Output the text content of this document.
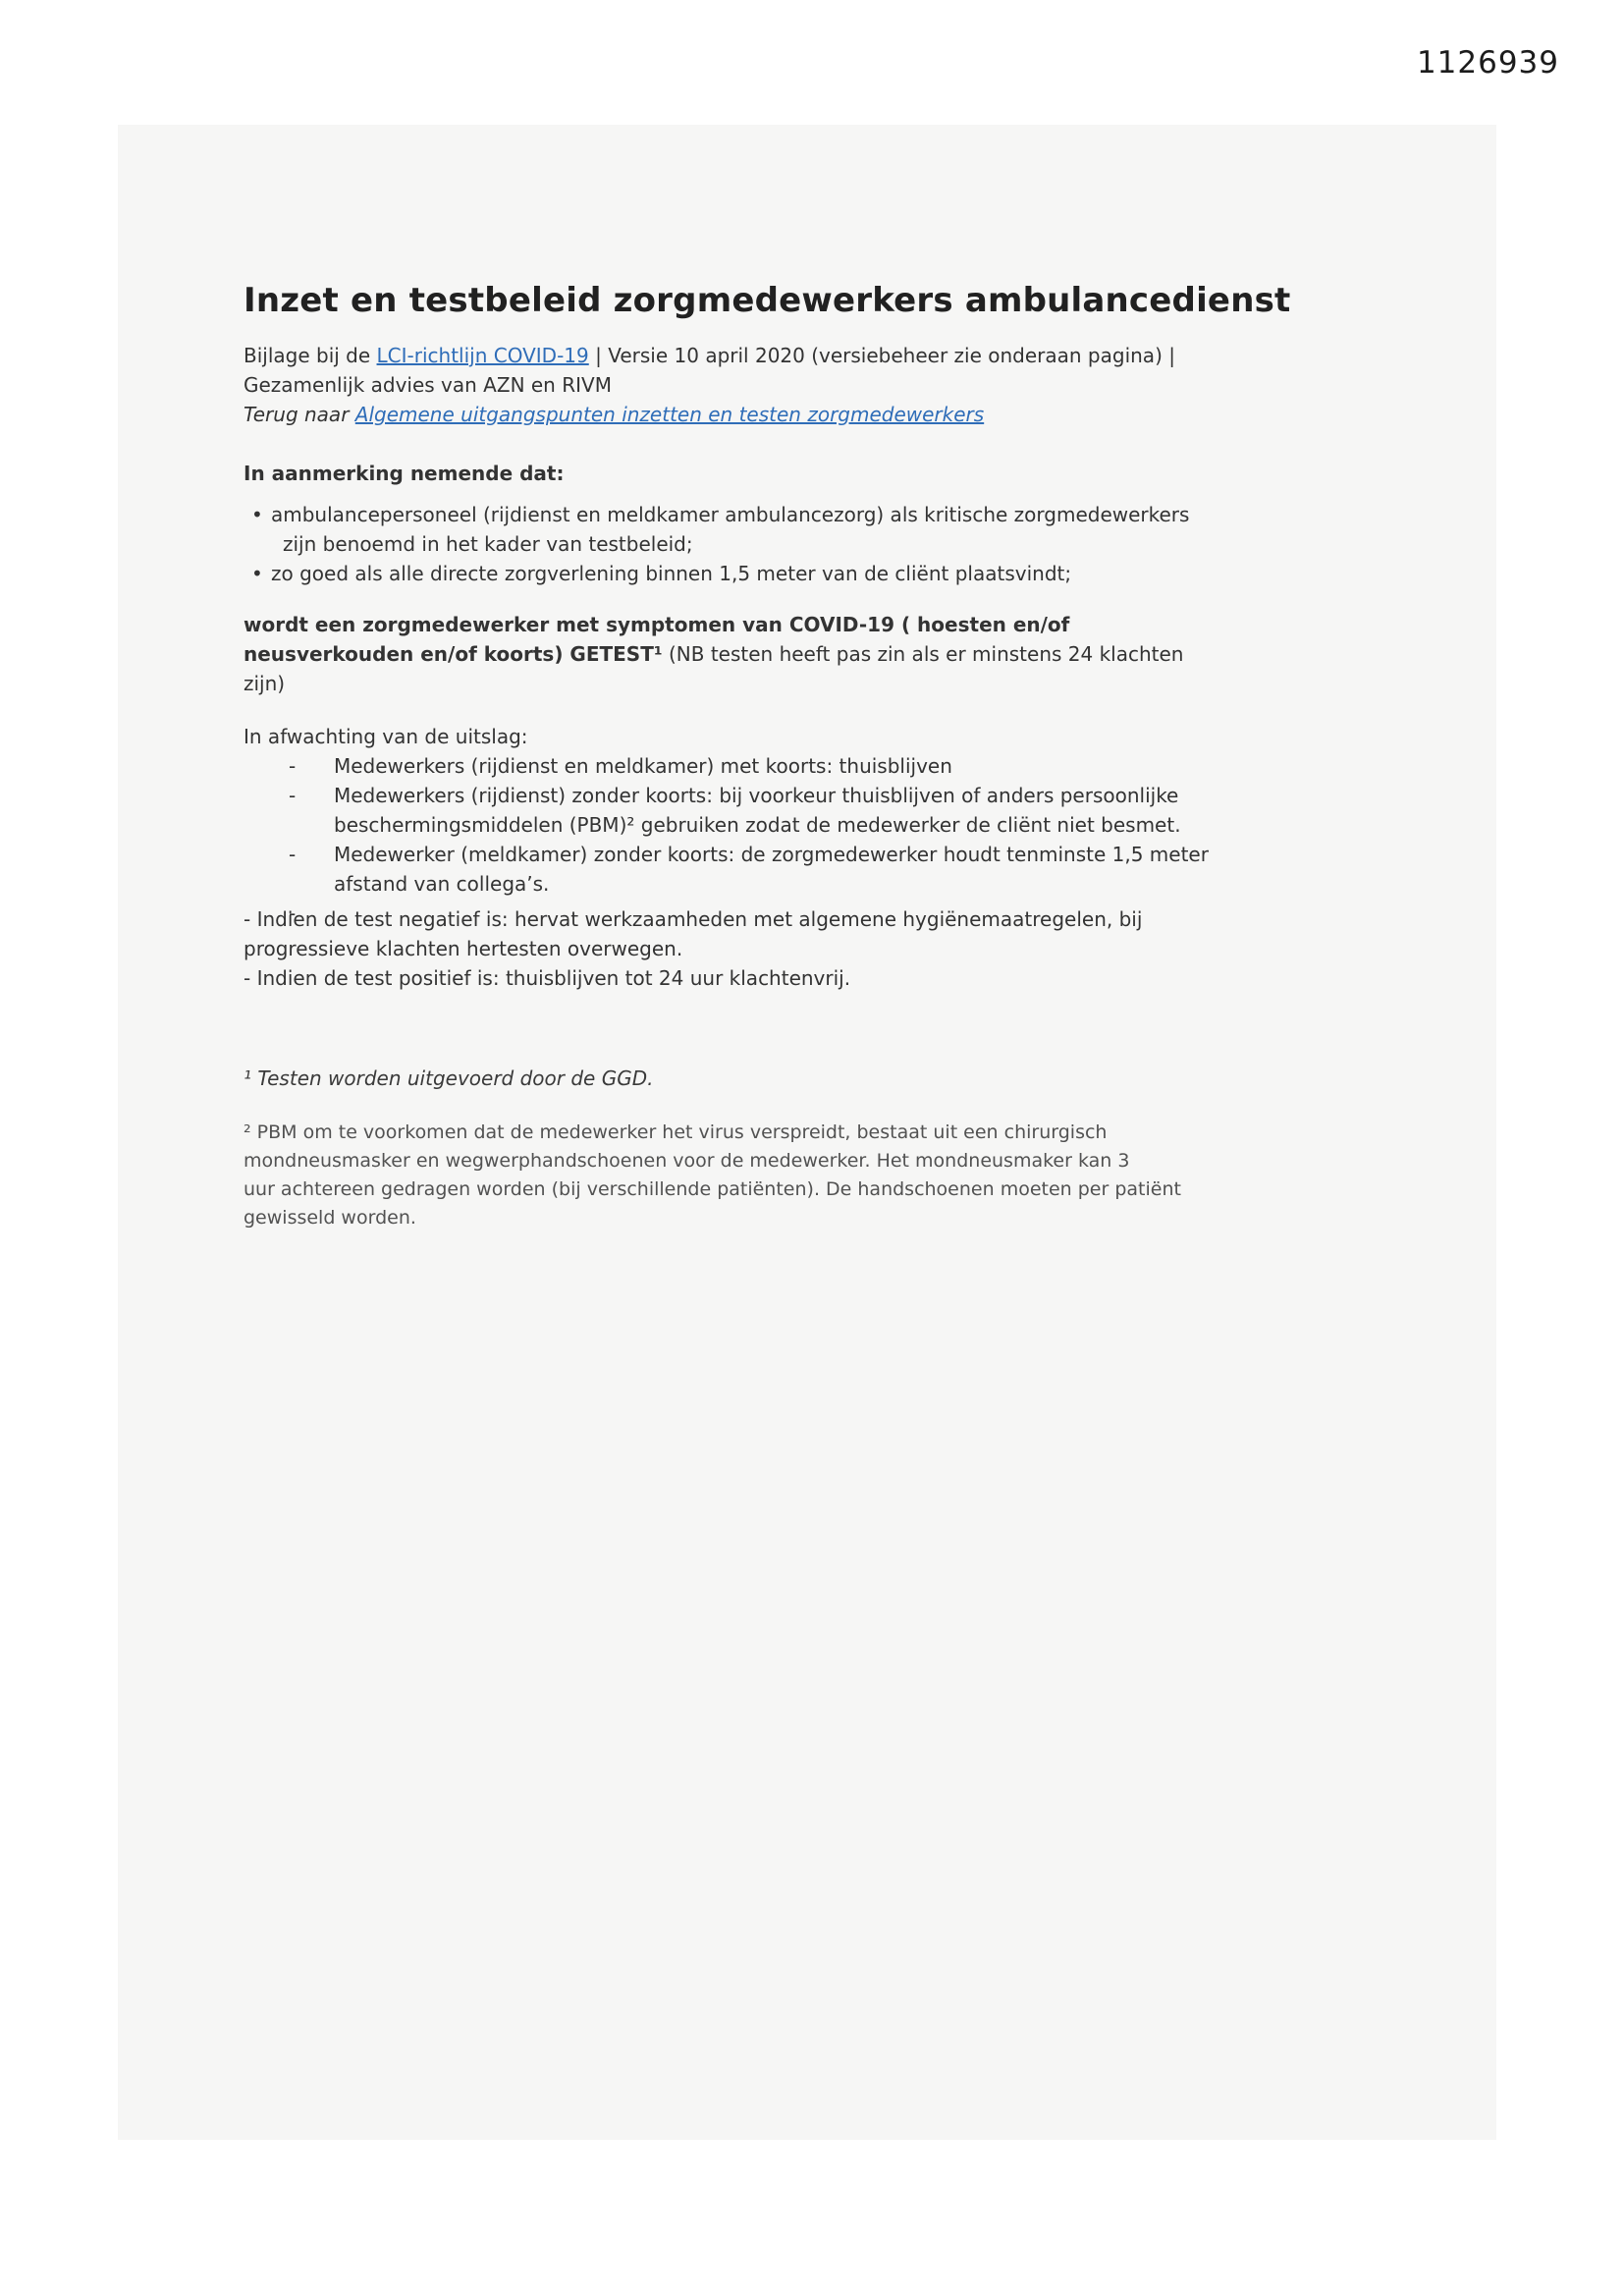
1126939
Inzet en testbeleid zorgmedewerkers ambulancedienst
Bijlage bij de LCI-richtlijn COVID-19 | Versie 10 april 2020 (versiebeheer zie onderaan pagina) |
Gezamenlijk advies van AZN en RIVM
Terug naar Algemene uitgangspunten inzetten en testen zorgmedewerkers
In aanmerking nemende dat:
• ambulancepersoneel (rijdienst en meldkamer ambulancezorg) als kritische zorgmedewerkers
zijn benoemd in het kader van testbeleid;
• zo goed als alle directe zorgverlening binnen 1,5 meter van de cliënt plaatsvindt;
wordt een zorgmedewerker met symptomen van COVID-19 ( hoesten en/of
neusverkouden en/of koorts) GETEST¹ (NB testen heeft pas zin als er minstens 24 klachten
zijn)
In afwachting van de uitslag:
- Medewerkers (rijdienst en meldkamer) met koorts: thuisblijven
- Medewerkers (rijdienst) zonder koorts: bij voorkeur thuisblijven of anders persoonlijke
beschermingsmiddelen (PBM)² gebruiken zodat de medewerker de cliënt niet besmet.
- Medewerker (meldkamer) zonder koorts: de zorgmedewerker houdt tenminste 1,5 meter
afstand van collega’s.
- Indien de test negatief is: hervat werkzaamheden met algemene hygiënemaatregelen, bij
progressieve klachten hertesten overwegen.
- Indien de test positief is: thuisblijven tot 24 uur klachtenvrij.
¹ Testen worden uitgevoerd door de GGD.
² PBM om te voorkomen dat de medewerker het virus verspreidt, bestaat uit een chirurgisch
mondneusmasker en wegwerphandschoenen voor de medewerker. Het mondneusmaker kan 3
uur achtereen gedragen worden (bij verschillende patiënten). De handschoenen moeten per patiënt
gewisseld worden.
